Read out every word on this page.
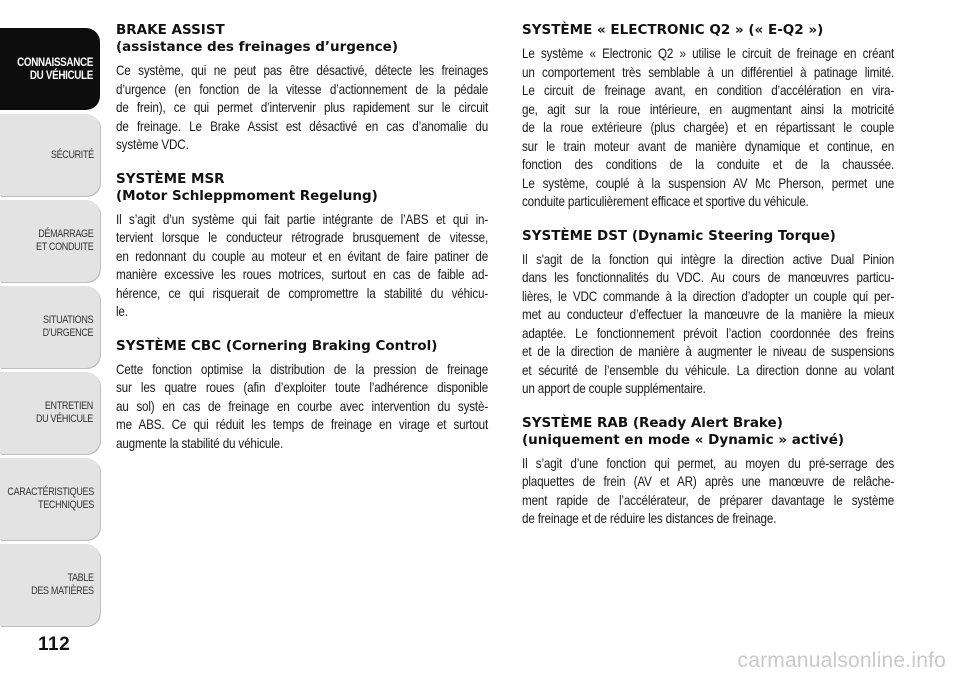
CONNAISSANCE
DU VÉHICULE
SÉCURITÉ
DÉMARRAGE
ET CONDUITE
SITUATIONS
D’URGENCE
ENTRETIEN
DU VÉHICULE
CARACTÉRISTIQUES
TECHNIQUES
TABLE
DES MATIÈRES
112
carmanualsonline.info
BRAKE ASSIST
(assistance des freinages d’urgence)
Ce système, qui ne peut pas être désactivé, détecte les freinages
d’urgence (en fonction de la vitesse d’actionnement de la pédale
de frein), ce qui permet d’intervenir plus rapidement sur le circuit
de freinage. Le Brake Assist est désactivé en cas d’anomalie du
système VDC.
SYSTÈME MSR
(Motor Schleppmoment Regelung)
Il s’agit d’un système qui fait partie intégrante de l’ABS et qui in-
tervient lorsque le conducteur rétrograde brusquement de vitesse,
en redonnant du couple au moteur et en évitant de faire patiner de
manière excessive les roues motrices, surtout en cas de faible ad-
hérence, ce qui risquerait de compromettre la stabilité du véhicu-
le.
SYSTÈME CBC (Cornering Braking Control)
Cette fonction optimise la distribution de la pression de freinage
sur les quatre roues (afin d’exploiter toute l’adhérence disponible
au sol) en cas de freinage en courbe avec intervention du systè-
me ABS. Ce qui réduit les temps de freinage en virage et surtout
augmente la stabilité du véhicule.
SYSTÈME « ELECTRONIC Q2 » (« E-Q2 »)
Le système « Electronic Q2 » utilise le circuit de freinage en créant
un comportement très semblable à un différentiel à patinage limité.
Le circuit de freinage avant, en condition d’accélération en vira-
ge, agit sur la roue intérieure, en augmentant ainsi la motricité
de la roue extérieure (plus chargée) et en répartissant le couple
sur le train moteur avant de manière dynamique et continue, en
fonction des conditions de la conduite et de la chaussée.
Le système, couplé à la suspension AV Mc Pherson, permet une
conduite particulièrement efficace et sportive du véhicule.
SYSTÈME DST (Dynamic Steering Torque)
Il s'agit de la fonction qui intègre la direction active Dual Pinion
dans les fonctionnalités du VDC. Au cours de manœuvres particu-
lières, le VDC commande à la direction d’adopter un couple qui per-
met au conducteur d’effectuer la manœuvre de la manière la mieux
adaptée. Le fonctionnement prévoit l’action coordonnée des freins
et de la direction de manière à augmenter le niveau de suspensions
et sécurité de l’ensemble du véhicule. La direction donne au volant
un apport de couple supplémentaire.
SYSTÈME RAB (Ready Alert Brake)
(uniquement en mode « Dynamic » activé)
Il s’agit d’une fonction qui permet, au moyen du pré-serrage des
plaquettes de frein (AV et AR) après une manœuvre de relâche-
ment rapide de l’accélérateur, de préparer davantage le système
de freinage et de réduire les distances de freinage.
